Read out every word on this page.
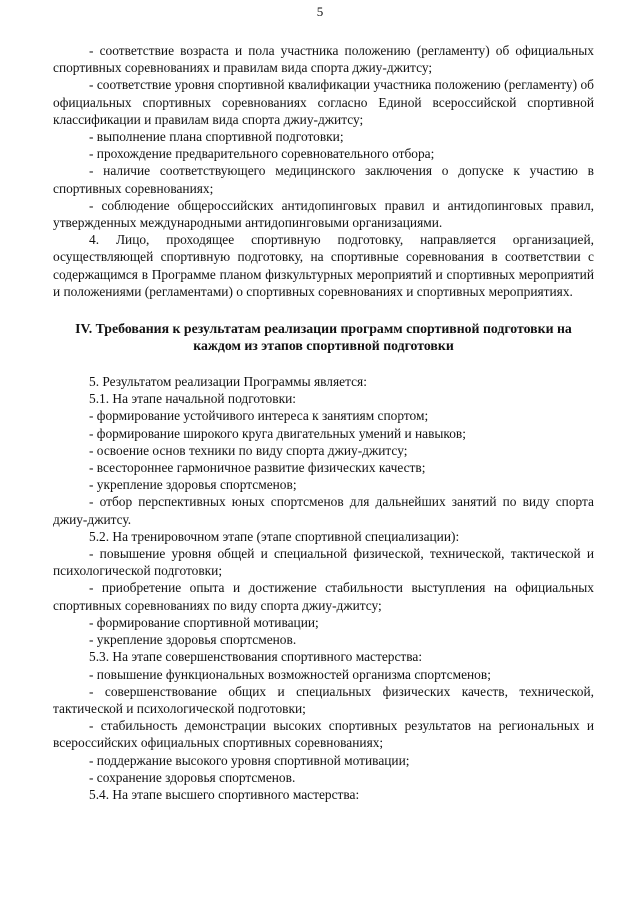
5

- соответствие возраста и пола участника положению (регламенту) об официальных спортивных соревнованиях и правилам вида спорта джиу-джитсу;

- соответствие уровня спортивной квалификации участника положению (регламенту) об официальных спортивных соревнованиях согласно Единой всероссийской спортивной классификации и правилам вида спорта джиу-джитсу;

- выполнение плана спортивной подготовки;

- прохождение предварительного соревновательного отбора;

- наличие соответствующего медицинского заключения о допуске к участию в спортивных соревнованиях;

- соблюдение общероссийских антидопинговых правил и антидопинговых правил, утвержденных международными антидопинговыми организациями.

4. Лицо, проходящее спортивную подготовку, направляется организацией, осуществляющей спортивную подготовку, на спортивные соревнования в соответствии с содержащимся в Программе планом физкультурных мероприятий и спортивных мероприятий и положениями (регламентами) о спортивных соревнованиях и спортивных мероприятиях.

IV. Требования к результатам реализации программ спортивной подготовки на каждом из этапов спортивной подготовки

5. Результатом реализации Программы является:

5.1. На этапе начальной подготовки:

- формирование устойчивого интереса к занятиям спортом;

- формирование широкого круга двигательных умений и навыков;

- освоение основ техники по виду спорта джиу-джитсу;

- всестороннее гармоничное развитие физических качеств;

- укрепление здоровья спортсменов;

- отбор перспективных юных спортсменов для дальнейших занятий по виду спорта джиу-джитсу.

5.2. На тренировочном этапе (этапе спортивной специализации):

- повышение уровня общей и специальной физической, технической, тактической и психологической подготовки;

- приобретение опыта и достижение стабильности выступления на официальных спортивных соревнованиях по виду спорта джиу-джитсу;

- формирование спортивной мотивации;

- укрепление здоровья спортсменов.

5.3. На этапе совершенствования спортивного мастерства:

- повышение функциональных возможностей организма спортсменов;

- совершенствование общих и специальных физических качеств, технической, тактической и психологической подготовки;

- стабильность демонстрации высоких спортивных результатов на региональных и всероссийских официальных спортивных соревнованиях;

- поддержание высокого уровня спортивной мотивации;

- сохранение здоровья спортсменов.

5.4. На этапе высшего спортивного мастерства:
